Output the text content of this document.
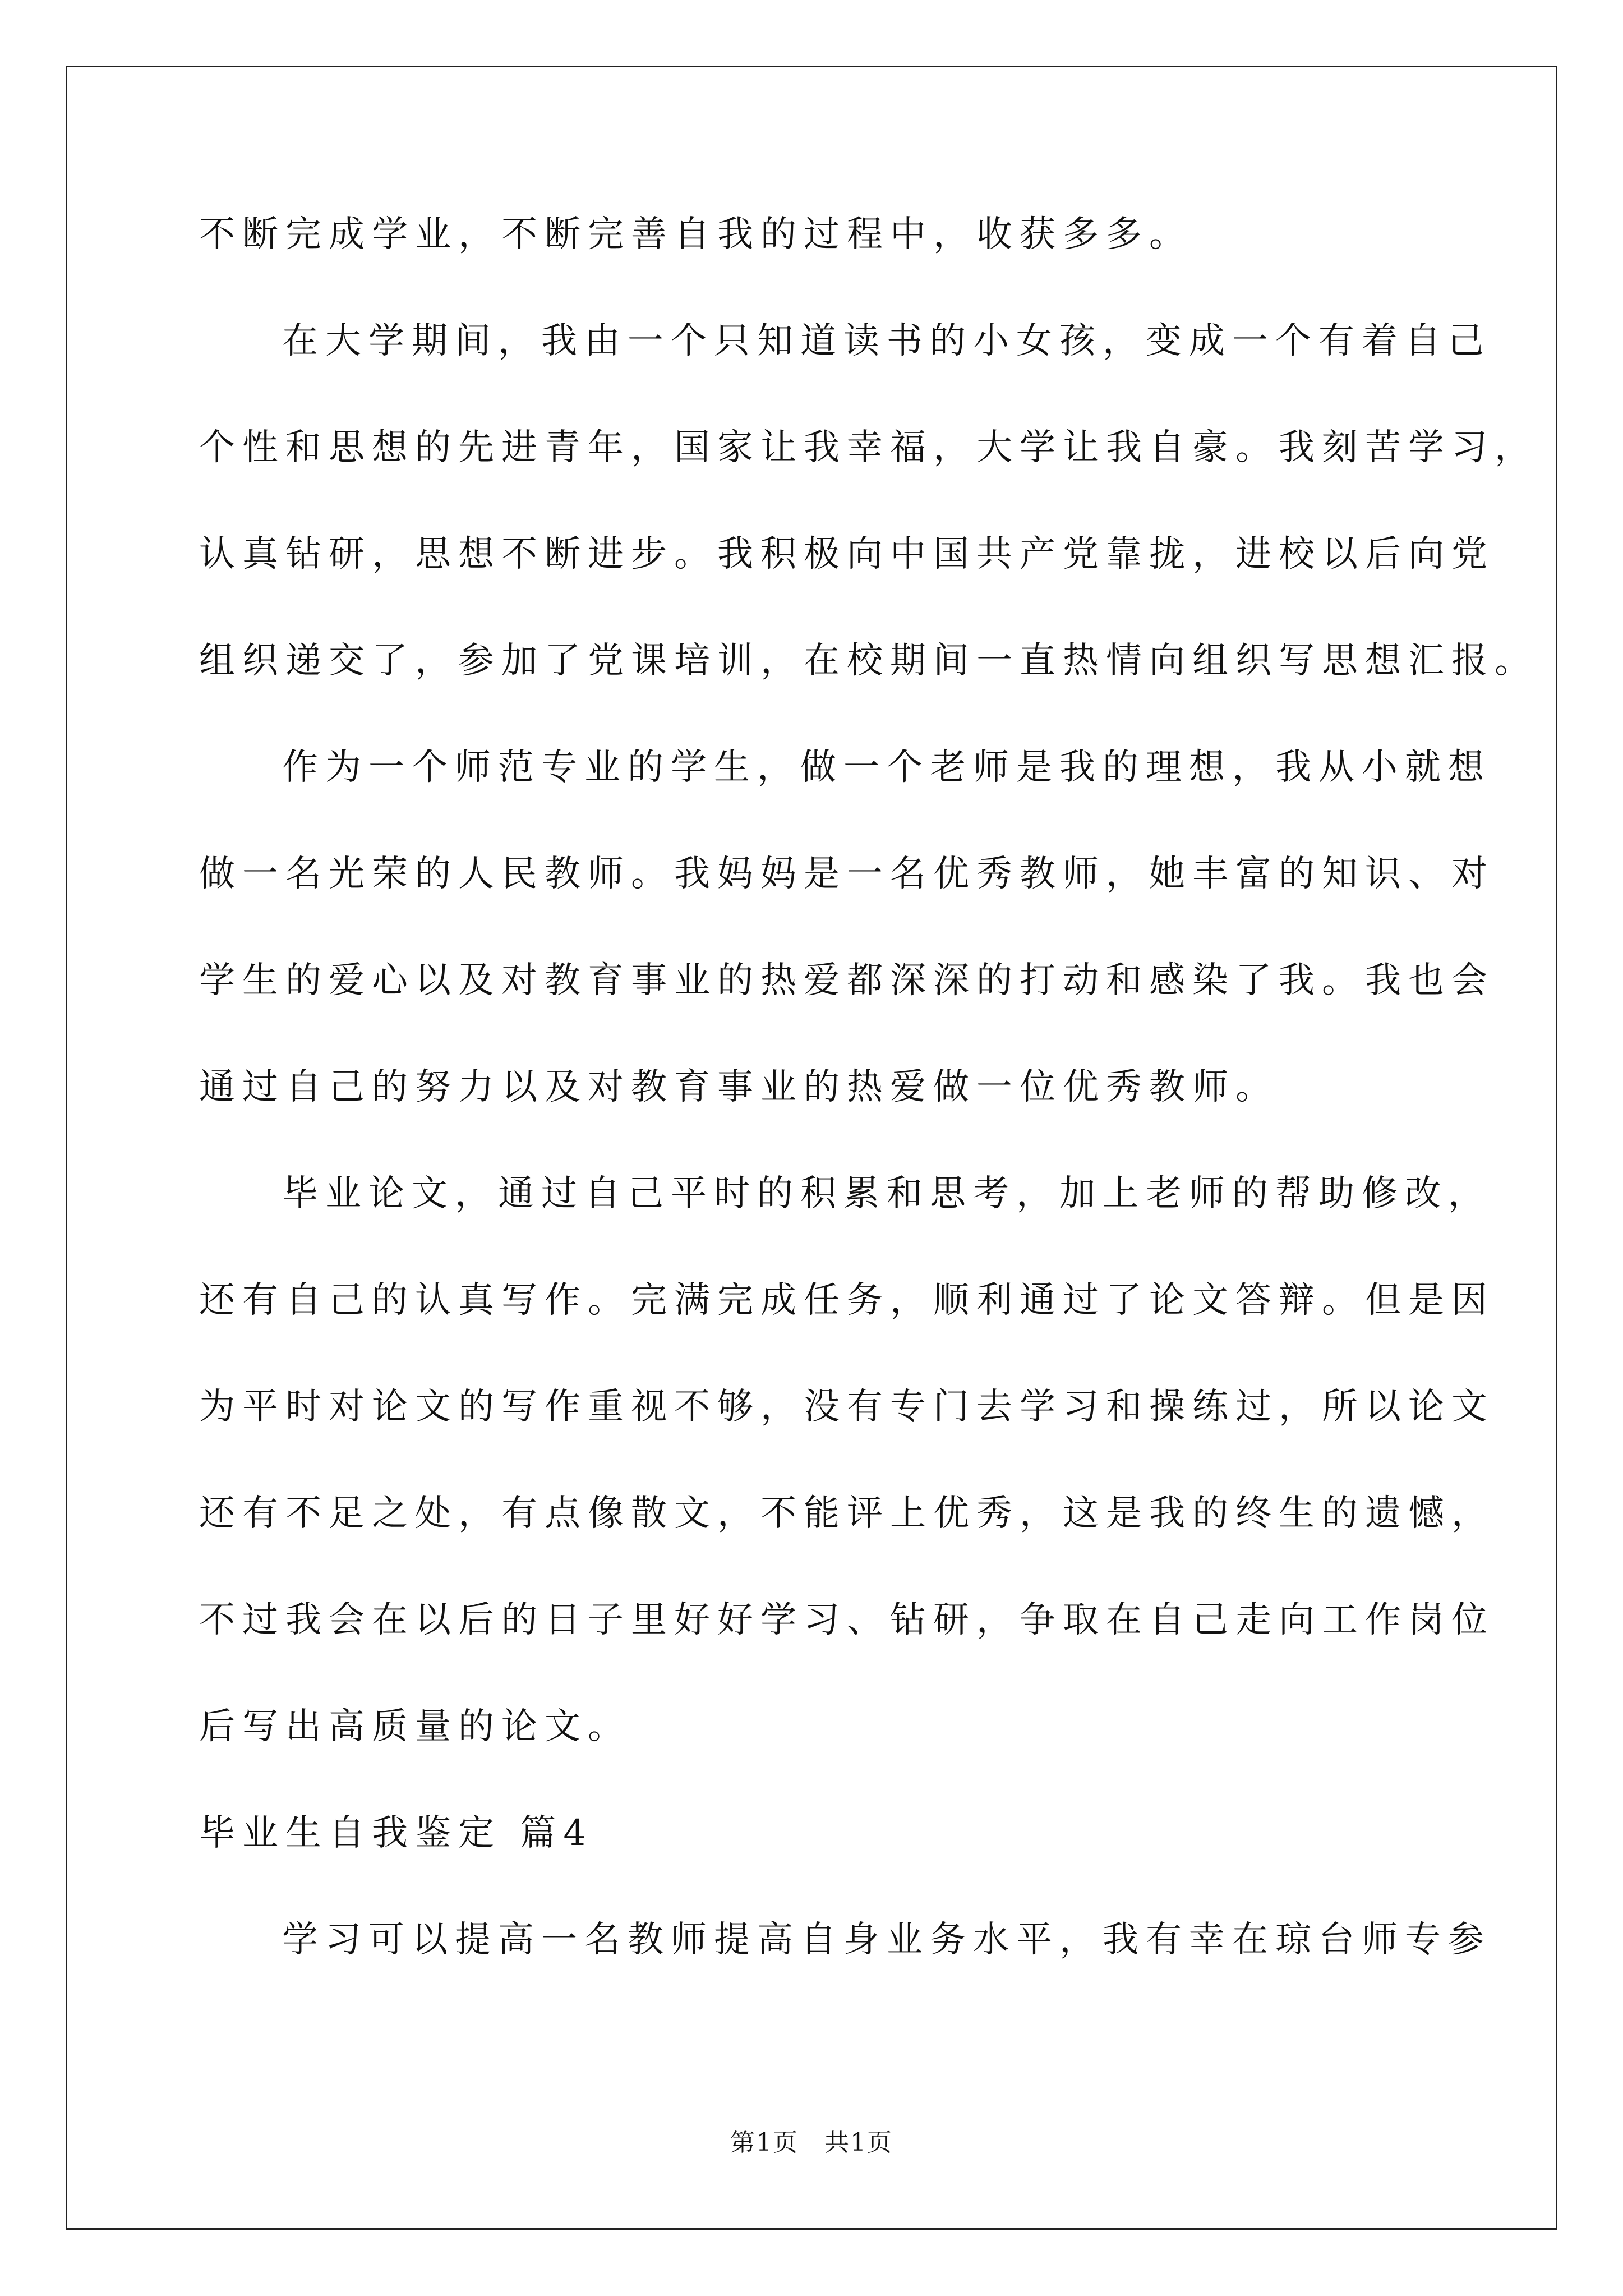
不断完成学业，不断完善自我的过程中，收获多多。
在大学期间，我由一个只知道读书的小女孩，变成一个有着自己
个性和思想的先进青年，国家让我幸福，大学让我自豪。我刻苦学习，
认真钻研，思想不断进步。我积极向中国共产党靠拢，进校以后向党
组织递交了，参加了党课培训，在校期间一直热情向组织写思想汇报。
作为一个师范专业的学生，做一个老师是我的理想，我从小就想
做一名光荣的人民教师。我妈妈是一名优秀教师，她丰富的知识、对
学生的爱心以及对教育事业的热爱都深深的打动和感染了我。我也会
通过自己的努力以及对教育事业的热爱做一位优秀教师。
毕业论文，通过自己平时的积累和思考，加上老师的帮助修改，
还有自己的认真写作。完满完成任务，顺利通过了论文答辩。但是因
为平时对论文的写作重视不够，没有专门去学习和操练过，所以论文
还有不足之处，有点像散文，不能评上优秀，这是我的终生的遗憾，
不过我会在以后的日子里好好学习、钻研，争取在自己走向工作岗位
后写出高质量的论文。
毕业生自我鉴定 篇4
学习可以提高一名教师提高自身业务水平，我有幸在琼台师专参
第1页　共1页
